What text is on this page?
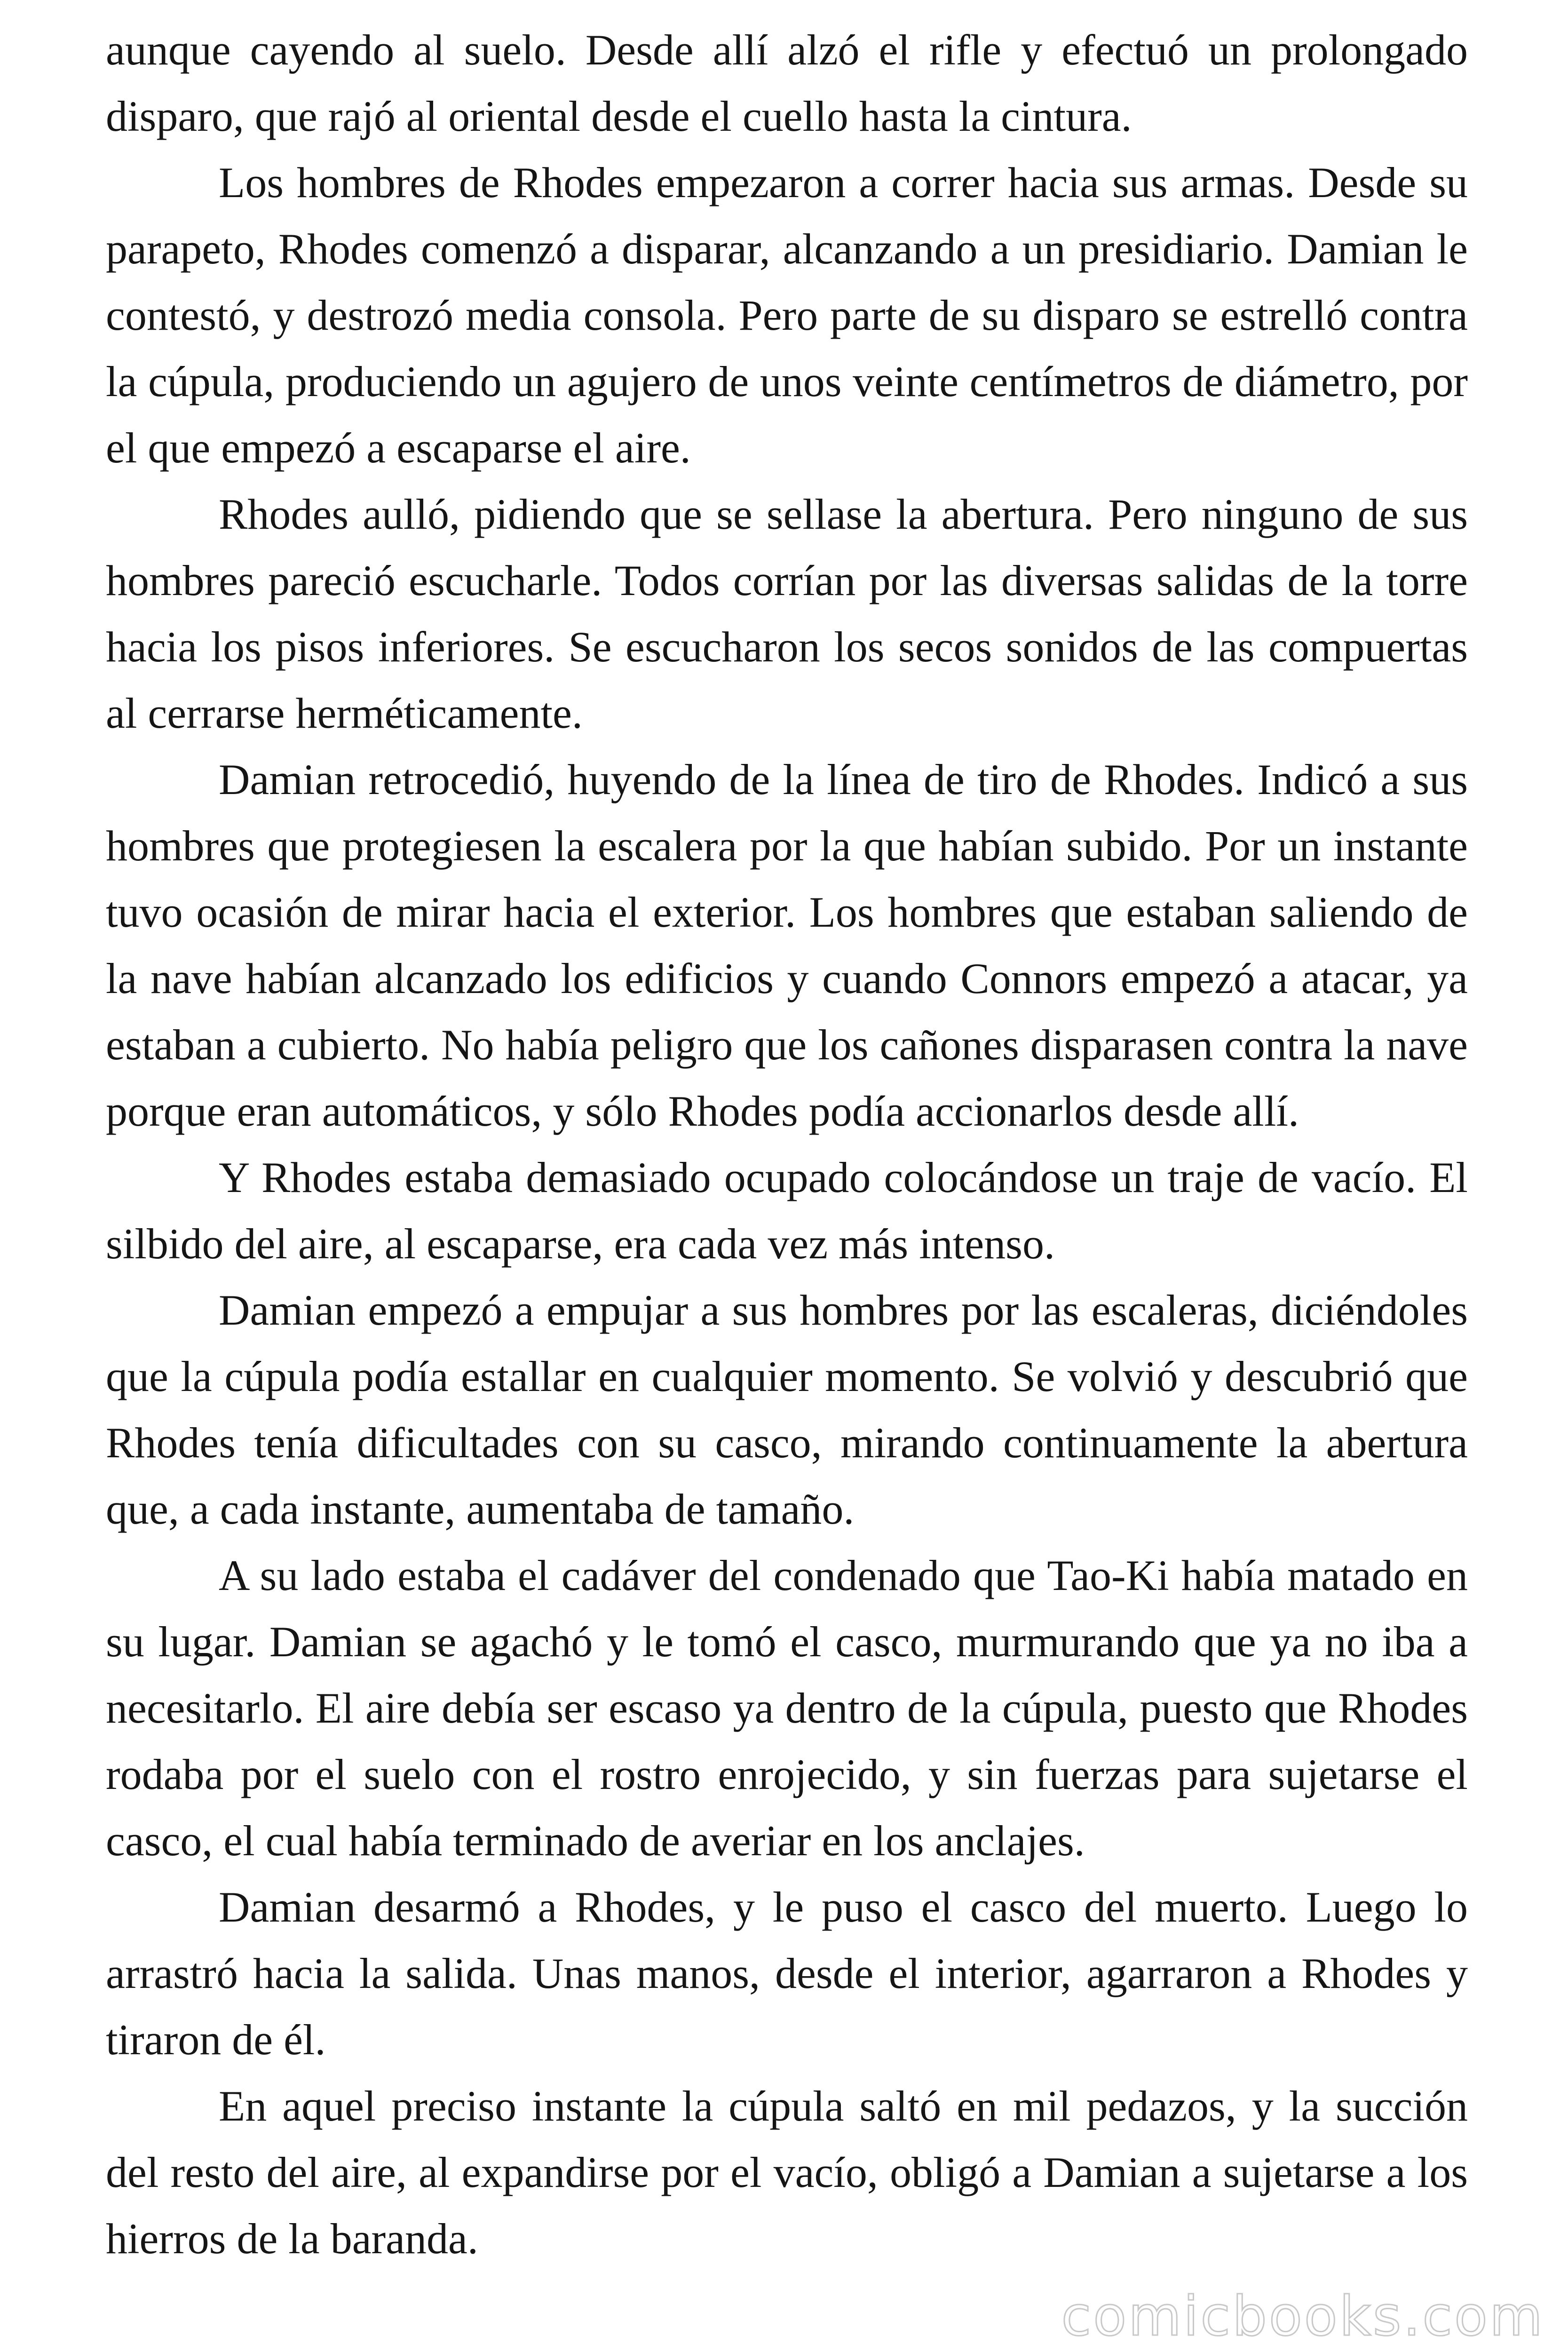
aunque cayendo al suelo. Desde allí alzó el rifle y efectuó un prolongado disparo, que rajó al oriental desde el cuello hasta la cintura.

Los hombres de Rhodes empezaron a correr hacia sus armas. Desde su parapeto, Rhodes comenzó a disparar, alcanzando a un presidiario. Damian le contestó, y destrozó media consola. Pero parte de su disparo se estrelló contra la cúpula, produciendo un agujero de unos veinte centímetros de diámetro, por el que empezó a escaparse el aire.

Rhodes aulló, pidiendo que se sellase la abertura. Pero ninguno de sus hombres pareció escucharle. Todos corrían por las diversas salidas de la torre hacia los pisos inferiores. Se escucharon los secos sonidos de las compuertas al cerrarse herméticamente.

Damian retrocedió, huyendo de la línea de tiro de Rhodes. Indicó a sus hombres que protegiesen la escalera por la que habían subido. Por un instante tuvo ocasión de mirar hacia el exterior. Los hombres que estaban saliendo de la nave habían alcanzado los edificios y cuando Connors empezó a atacar, ya estaban a cubierto. No había peligro que los cañones disparasen contra la nave porque eran automáticos, y sólo Rhodes podía accionarlos desde allí.

Y Rhodes estaba demasiado ocupado colocándose un traje de vacío. El silbido del aire, al escaparse, era cada vez más intenso.

Damian empezó a empujar a sus hombres por las escaleras, diciéndoles que la cúpula podía estallar en cualquier momento. Se volvió y descubrió que Rhodes tenía dificultades con su casco, mirando continuamente la abertura que, a cada instante, aumentaba de tamaño.

A su lado estaba el cadáver del condenado que Tao-Ki había matado en su lugar. Damian se agachó y le tomó el casco, murmurando que ya no iba a necesitarlo. El aire debía ser escaso ya dentro de la cúpula, puesto que Rhodes rodaba por el suelo con el rostro enrojecido, y sin fuerzas para sujetarse el casco, el cual había terminado de averiar en los anclajes.

Damian desarmó a Rhodes, y le puso el casco del muerto. Luego lo arrastró hacia la salida. Unas manos, desde el interior, agarraron a Rhodes y tiraron de él.

En aquel preciso instante la cúpula saltó en mil pedazos, y la succión del resto del aire, al expandirse por el vacío, obligó a Damian a sujetarse a los hierros de la baranda.

comicbooks.com
